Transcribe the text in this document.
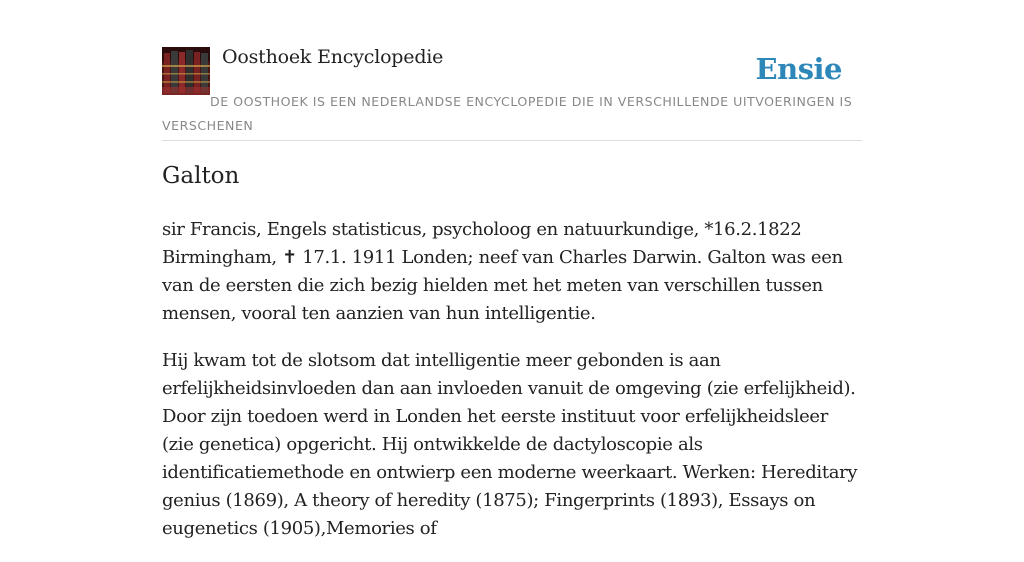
Oosthoek Encyclopedie	Ensie
DE OOSTHOEK IS EEN NEDERLANDSE ENCYCLOPEDIE DIE IN VERSCHILLENDE UITVOERINGEN IS VERSCHENEN
Galton

sir Francis, Engels statisticus, psycholoog en natuurkundige, *16.2.1822 Birmingham, ✝ 17.1. 1911 Londen; neef van Charles Darwin. Galton was een van de eersten die zich bezig hielden met het meten van verschillen tussen mensen, vooral ten aanzien van hun intelligentie.

Hij kwam tot de slotsom dat intelligentie meer gebonden is aan erfelijkheidsinvloeden dan aan invloeden vanuit de omgeving (zie erfelijkheid). Door zijn toedoen werd in Londen het eerste instituut voor erfelijkheidsleer (zie genetica) opgericht. Hij ontwikkelde de dactyloscopie als identificatiemethode en ontwierp een moderne weerkaart. Werken: Hereditary genius (1869), A theory of heredity (1875); Fingerprints (1893), Essays on eugenetics (1905),Memories of
